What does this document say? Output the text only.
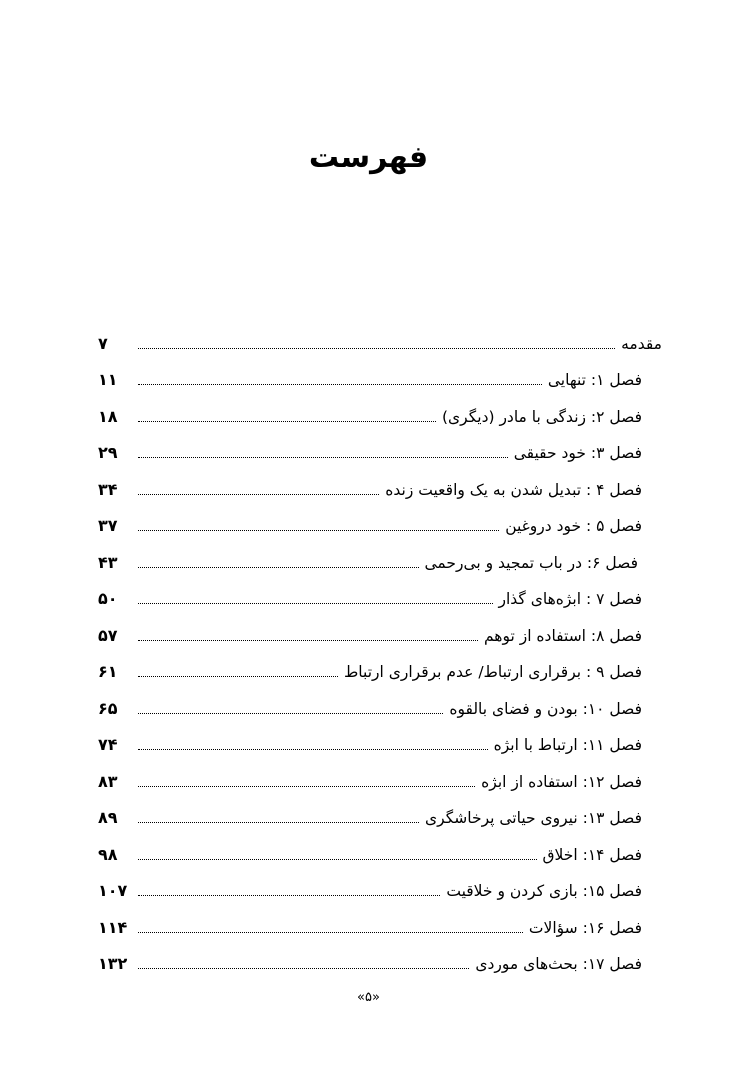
فهرست
مقدمه
۷
فصل ۱: تنهایی
۱۱
فصل ۲: زندگی با مادر (دیگری)
۱۸
فصل ۳: خود حقیقی
۲۹
فصل ۴ : تبدیل شدن به یک واقعیت زنده
۳۴
فصل ۵ : خود دروغین
۳۷
فصل ۶: در باب تمجید و بی‌رحمی
۴۳
فصل ۷ : ابژه‌های گذار
۵۰
فصل ۸: استفاده از توهم
۵۷
فصل ۹ : برقراری ارتباط/ عدم برقراری ارتباط
۶۱
فصل ۱۰: بودن و فضای بالقوه
۶۵
فصل ۱۱: ارتباط با ابژه
۷۴
فصل ۱۲: استفاده از ابژه
۸۳
فصل ۱۳: نیروی حیاتی پرخاشگری
۸۹
فصل ۱۴: اخلاق
۹۸
فصل ۱۵: بازی کردن و خلاقیت
۱۰۷
فصل ۱۶: سؤالات
۱۱۴
فصل ۱۷: بحث‌های موردی
۱۳۲
«۵»
